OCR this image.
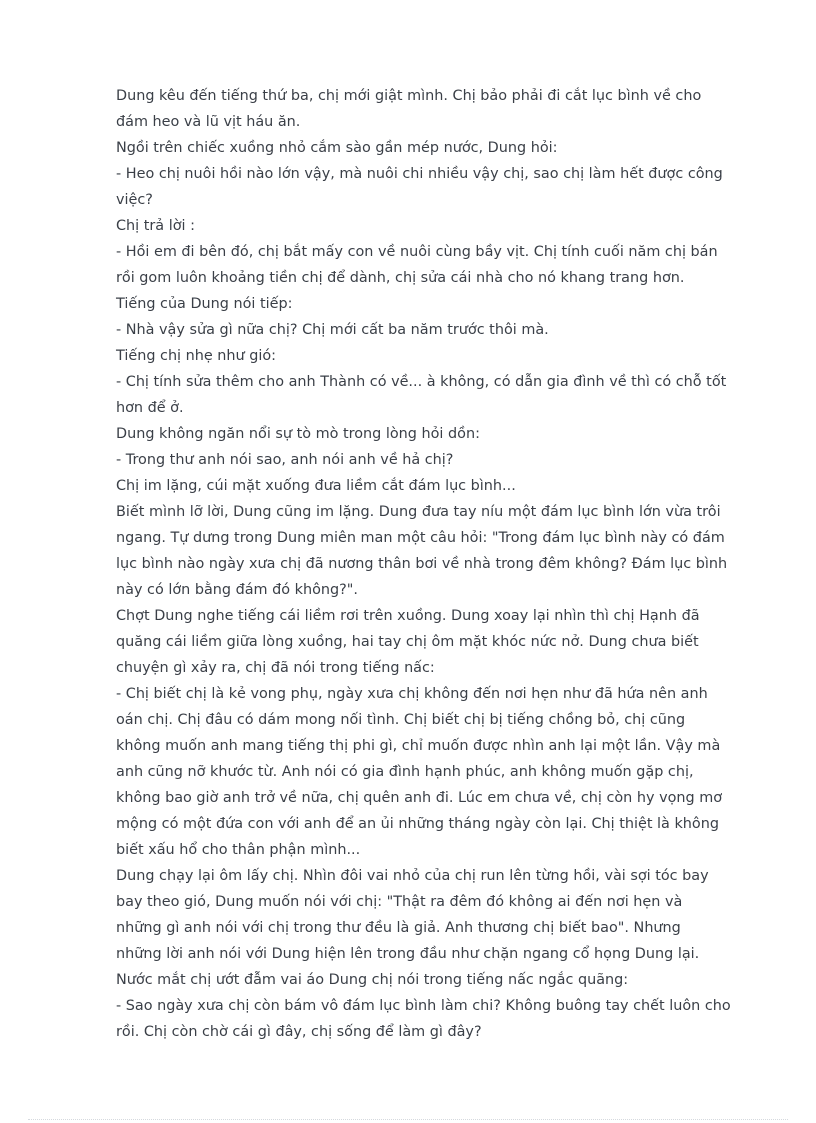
Dung kêu đến tiếng thứ ba, chị mới giật mình. Chị bảo phải đi cắt lục bình về cho
đám heo và lũ vịt háu ăn.
Ngồi trên chiếc xuồng nhỏ cắm sào gần mép nước, Dung hỏi:
- Heo chị nuôi hồi nào lớn vậy, mà nuôi chi nhiều vậy chị, sao chị làm hết được công
việc?
Chị trả lời :
- Hồi em đi bên đó, chị bắt mấy con về nuôi cùng bầy vịt. Chị tính cuối năm chị bán
rồi gom luôn khoảng tiền chị để dành, chị sửa cái nhà cho nó khang trang hơn.
Tiếng của Dung nói tiếp:
- Nhà vậy sửa gì nữa chị? Chị mới cất ba năm trước thôi mà.
Tiếng chị nhẹ như gió:
- Chị tính sửa thêm cho anh Thành có về... à không, có dẫn gia đình về thì có chỗ tốt
hơn để ở.
Dung không ngăn nổi sự tò mò trong lòng hỏi dồn:
- Trong thư anh nói sao, anh nói anh về hả chị?
Chị im lặng, cúi mặt xuống đưa liềm cắt đám lục bình...
Biết mình lỡ lời, Dung cũng im lặng. Dung đưa tay níu một đám lục bình lớn vừa trôi
ngang. Tự dưng trong Dung miên man một câu hỏi: "Trong đám lục bình này có đám
lục bình nào ngày xưa chị đã nương thân bơi về nhà trong đêm không? Đám lục bình
này có lớn bằng đám đó không?".
Chợt Dung nghe tiếng cái liềm rơi trên xuồng. Dung xoay lại nhìn thì chị Hạnh đã
quăng cái liềm giữa lòng xuồng, hai tay chị ôm mặt khóc nức nở. Dung chưa biết
chuyện gì xảy ra, chị đã nói trong tiếng nấc:
- Chị biết chị là kẻ vong phụ, ngày xưa chị không đến nơi hẹn như đã hứa nên anh
oán chị. Chị đâu có dám mong nối tình. Chị biết chị bị tiếng chồng bỏ, chị cũng
không muốn anh mang tiếng thị phi gì, chỉ muốn được nhìn anh lại một lần. Vậy mà
anh cũng nỡ khước từ. Anh nói có gia đình hạnh phúc, anh không muốn gặp chị,
không bao giờ anh trở về nữa, chị quên anh đi. Lúc em chưa về, chị còn hy vọng mơ
mộng có một đứa con với anh để an ủi những tháng ngày còn lại. Chị thiệt là không
biết xấu hổ cho thân phận mình...
Dung chạy lại ôm lấy chị. Nhìn đôi vai nhỏ của chị run lên từng hồi, vài sợi tóc bay
bay theo gió, Dung muốn nói với chị: "Thật ra đêm đó không ai đến nơi hẹn và
những gì anh nói với chị trong thư đều là giả. Anh thương chị biết bao". Nhưng
những lời anh nói với Dung hiện lên trong đầu như chặn ngang cổ họng Dung lại.
Nước mắt chị ướt đẫm vai áo Dung chị nói trong tiếng nấc ngắc quãng:
- Sao ngày xưa chị còn bám vô đám lục bình làm chi? Không buông tay chết luôn cho
rồi. Chị còn chờ cái gì đây, chị sống để làm gì đây?
